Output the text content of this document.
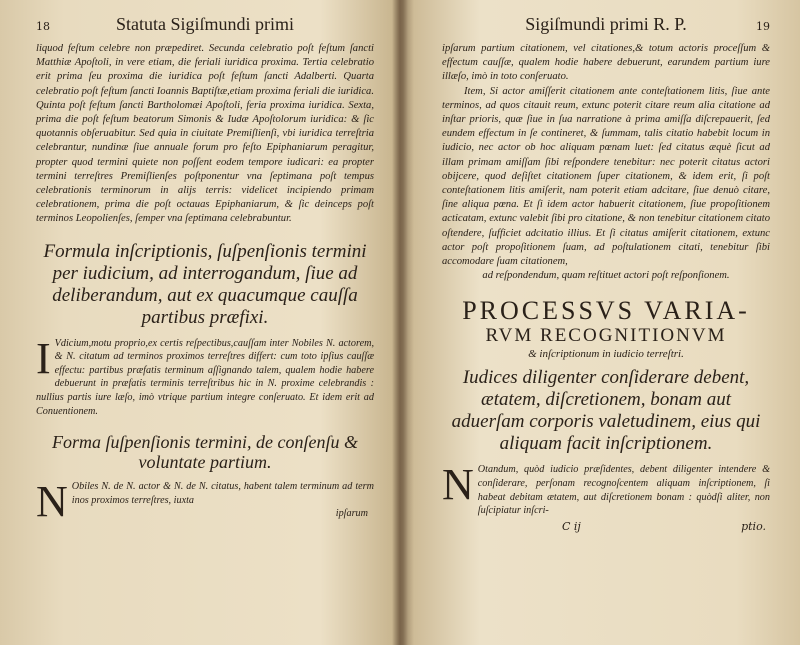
18	Statuta Sigiſmundi primi

liquod feſtum celebre non præpediret. Secunda celebratio poſt feſtum ſancti Matthiæ Apoſtoli, in vere etiam, die feriali iuridica proxima. Tertia celebratio erit prima ſeu proxima die iuridica poſt feſtum ſancti Adalberti. Quarta celebratio poſt feſtum ſancti Ioannis Baptiſtæ,etiam proxima feriali die iuridica. Quinta poſt feſtum ſancti Bartholomæi Apoſtoli, feria proxima iuridica. Sexta, prima die poſt feſtum beatorum Simonis & Iudæ Apoſtolorum iuridica: & ſic quotannis obſeruabitur. Sed quia in ciuitate Premiſlienſi, vbi iuridica terreſtria celebrantur, nundinæ ſiue annuale forum pro feſto Epiphaniarum peragitur, propter quod termini quiete non poſſent eodem tempore iudicari: ea propter termini terreſtres Premiſlienſes poſtponentur vna ſeptimana poſt tempus celebrationis terminorum in alijs terris: videlicet incipiendo primam celebrationem, prima die poſt octauas Epiphaniarum, & ſic deinceps poſt terminos Leopolienſes, ſemper vna ſeptimana celebrabuntur.

Formula inſcriptionis, ſuſpenſionis termini per iudicium, ad interrogandum, ſiue ad deliberandum, aut ex quacumque cauſſa partibus præfixi.
I Vdicium,motu proprio,ex certis reſpectibus,cauſſam inter Nobiles N. actorem, & N. citatum ad terminos proximos terreſtres differt: cum toto ipſius cauſſæ effectu: partibus præfatis terminum aſſignando talem, qualem hodie habere debuerunt in præfatis terminis terreſtribus hic in N. proxime celebrandis : nullius partis iure læſo, imò vtrique partium integre conſeruato. Et idem erit ad Conuentionem.
Forma ſuſpenſionis termini, de conſenſu & voluntate partium.
N Obiles N. de N. actor & N. de N. citatus, habent talem terminum ad term inos proximos terreſtres, iuxta
ipſarum
19
Sigiſmundi primi R. P.

ipſarum partium citationem, vel citationes,& totum actoris proceſſum & effectum cauſſæ, qualem hodie habere debuerunt, earundem partium iure illæſo, imò in toto conſeruato.

Item, Si actor amiſſerit citationem ante conteſtationem litis, ſiue ante terminos, ad quos citauit reum, extunc poterit citare reum alia citatione ad inſtar prioris, quæ ſiue in ſua narratione à prima amiſſa diſcrepauerit, ſed eundem effectum in ſe contineret, & ſummam, talis citatio habebit locum in iudicio, nec actor ob hoc aliquam pœnam luet: ſed citatus æquè ſicut ad illam primam amiſſam ſibi reſpondere tenebitur: nec poterit citatus actori obijcere, quod deſiſtet citationem ſuper citationem, & idem erit, ſi poſt conteſtationem litis amiſerit, nam poterit etiam adcitare, ſiue denuò citare, ſine aliqua pœna. Et ſi idem actor habuerit citationem, ſiue propoſitionem acticatam, extunc valebit ſibi pro citatione, & non tenebitur citationem citato oſtendere, ſufficiet adcitatio illius. Et ſi citatus amiſerit citationem, extunc actor poſt propoſitionem ſuam, ad poſtulationem citati, tenebitur ſibi accomodare ſuam citationem,

ad reſpondendum, quam reſtituet actori poſt reſponſionem.

PROCESSVS VARIA-
RVM RECOGNITIONVM
& inſcriptionum in iudicio terreſtri.
Iudices diligenter conſiderare debent, ætatem, diſcretionem, bonam aut aduerſam corporis valetudinem, eius qui aliquam facit inſcriptionem.
N Otandum, quòd iudicio præſidentes, debent diligenter intendere & conſiderare, perſonam recognoſcentem aliquam inſcriptionem, ſi habeat debitam ætatem, aut diſcretionem bonam : quòdſi aliter, non ſuſcipiatur inſcri-
C ij	ptio.
